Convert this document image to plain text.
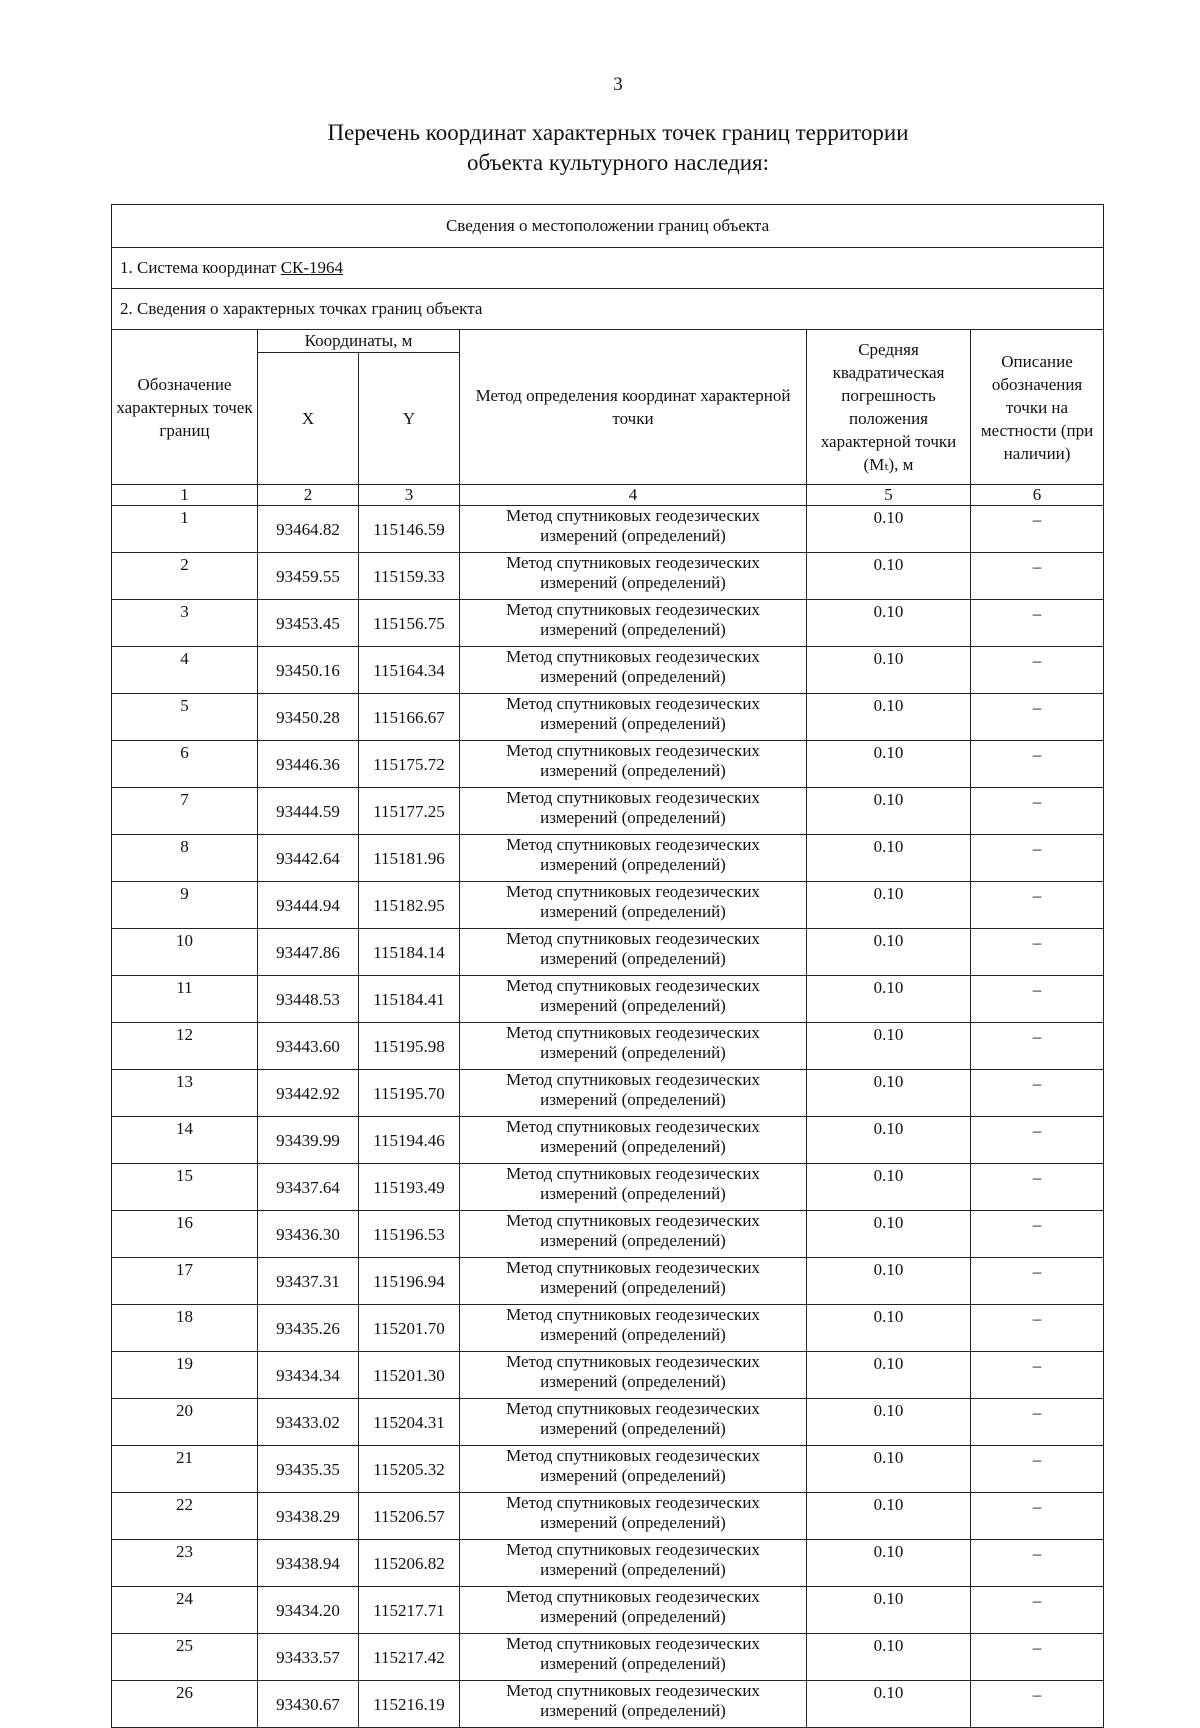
3
Перечень координат характерных точек границ территории
объекта культурного наследия:
Сведения о местоположении границ объекта					
1. Система координат СК-1964					
2. Сведения о характерных точках границ объекта					
Обозначение характерных точек границ	Координаты, м		Метод определения координат характерной точки	Средняя квадратическая погрешность положения характерной точки (Mₜ), м	Описание обозначения точки на местности (при наличии)
	X	Y			
1	2	3	4	5	6
1	93464.82	115146.59	Метод спутниковых геодезических
измерений (определений)	0.10	–
2	93459.55	115159.33	Метод спутниковых геодезических
измерений (определений)	0.10	–
3	93453.45	115156.75	Метод спутниковых геодезических
измерений (определений)	0.10	–
4	93450.16	115164.34	Метод спутниковых геодезических
измерений (определений)	0.10	–
5	93450.28	115166.67	Метод спутниковых геодезических
измерений (определений)	0.10	–
6	93446.36	115175.72	Метод спутниковых геодезических
измерений (определений)	0.10	–
7	93444.59	115177.25	Метод спутниковых геодезических
измерений (определений)	0.10	–
8	93442.64	115181.96	Метод спутниковых геодезических
измерений (определений)	0.10	–
9	93444.94	115182.95	Метод спутниковых геодезических
измерений (определений)	0.10	–
10	93447.86	115184.14	Метод спутниковых геодезических
измерений (определений)	0.10	–
11	93448.53	115184.41	Метод спутниковых геодезических
измерений (определений)	0.10	–
12	93443.60	115195.98	Метод спутниковых геодезических
измерений (определений)	0.10	–
13	93442.92	115195.70	Метод спутниковых геодезических
измерений (определений)	0.10	–
14	93439.99	115194.46	Метод спутниковых геодезических
измерений (определений)	0.10	–
15	93437.64	115193.49	Метод спутниковых геодезических
измерений (определений)	0.10	–
16	93436.30	115196.53	Метод спутниковых геодезических
измерений (определений)	0.10	–
17	93437.31	115196.94	Метод спутниковых геодезических
измерений (определений)	0.10	–
18	93435.26	115201.70	Метод спутниковых геодезических
измерений (определений)	0.10	–
19	93434.34	115201.30	Метод спутниковых геодезических
измерений (определений)	0.10	–
20	93433.02	115204.31	Метод спутниковых геодезических
измерений (определений)	0.10	–
21	93435.35	115205.32	Метод спутниковых геодезических
измерений (определений)	0.10	–
22	93438.29	115206.57	Метод спутниковых геодезических
измерений (определений)	0.10	–
23	93438.94	115206.82	Метод спутниковых геодезических
измерений (определений)	0.10	–
24	93434.20	115217.71	Метод спутниковых геодезических
измерений (определений)	0.10	–
25	93433.57	115217.42	Метод спутниковых геодезических
измерений (определений)	0.10	–
26	93430.67	115216.19	Метод спутниковых геодезических
измерений (определений)	0.10	–
